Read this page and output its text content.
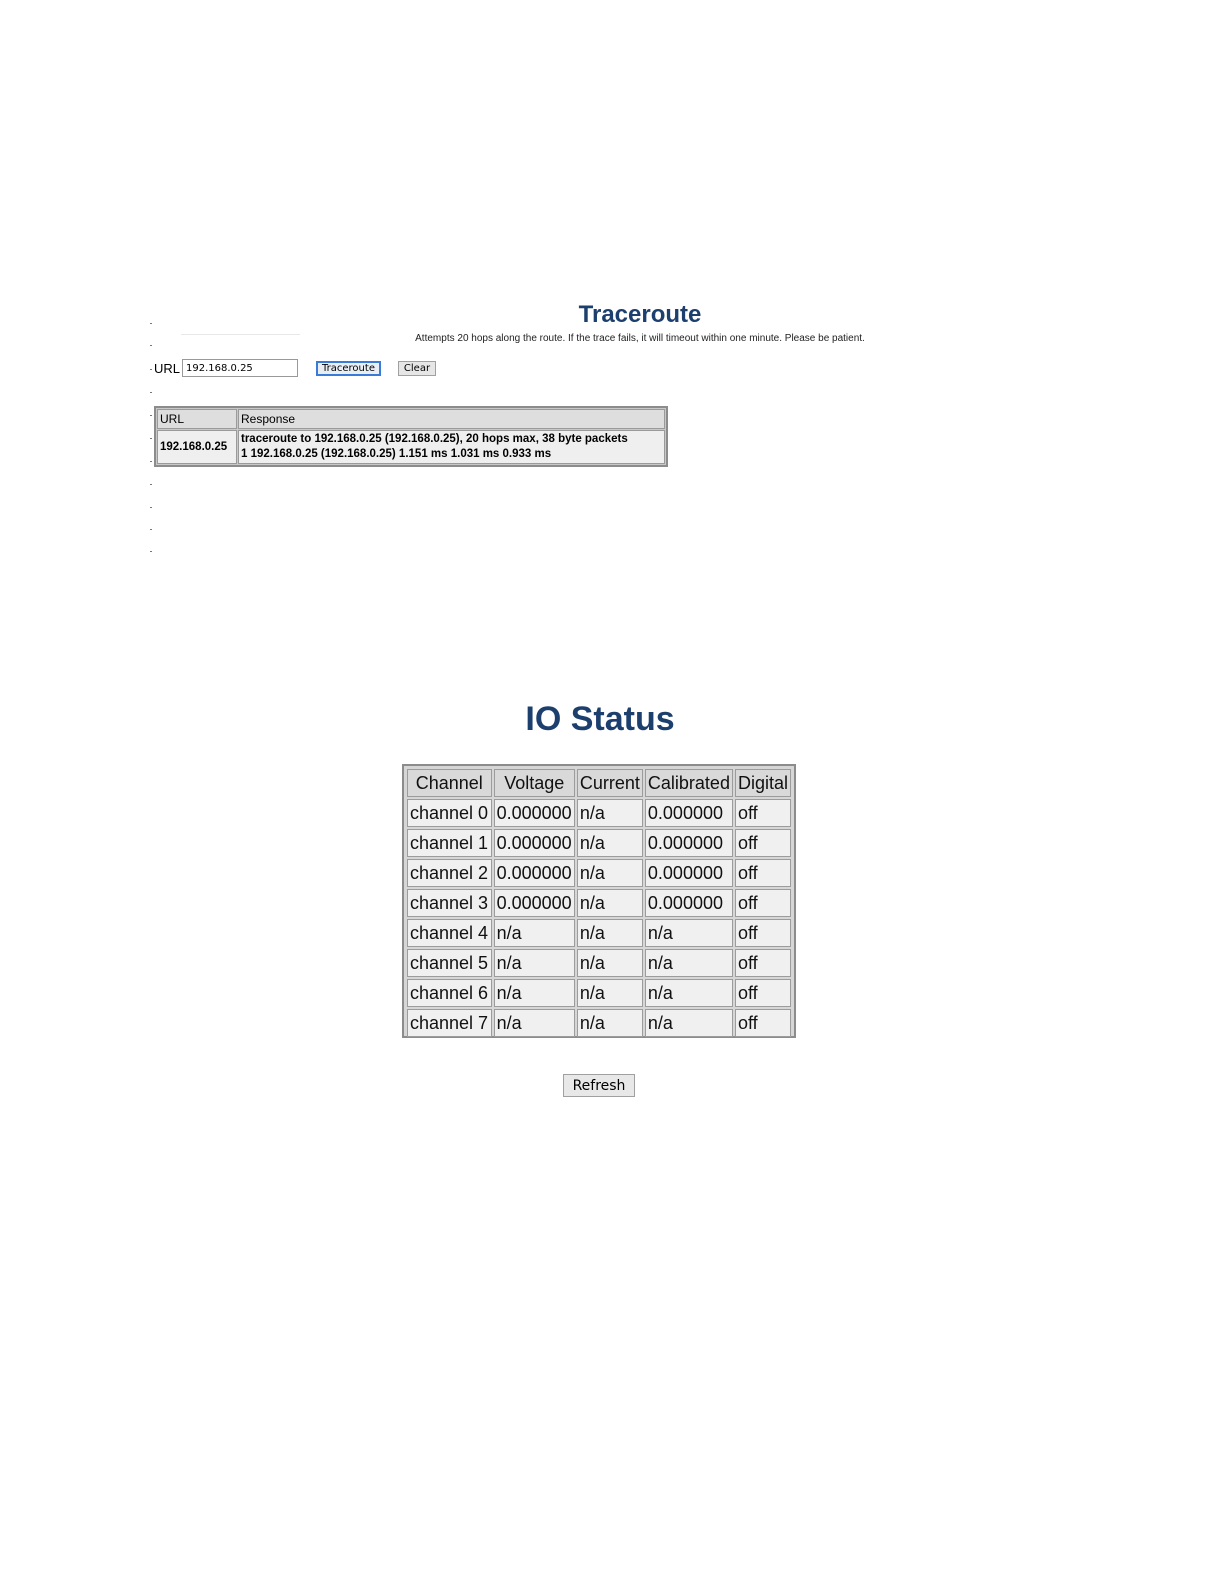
Traceroute
Attempts 20 hops along the route. If the trace fails, it will timeout within one minute. Please be patient.
URL
192.168.0.25	Traceroute	Clear
URL	Response
192.168.0.25	traceroute to 192.168.0.25 (192.168.0.25), 20 hops max, 38 byte packets
1 192.168.0.25 (192.168.0.25) 1.151 ms 1.031 ms 0.933 ms
IO Status
Channel	Voltage	Current	Calibrated	Digital
channel 0	0.000000	n/a	0.000000	off
channel 1	0.000000	n/a	0.000000	off
channel 2	0.000000	n/a	0.000000	off
channel 3	0.000000	n/a	0.000000	off
channel 4	n/a	n/a	n/a	off
channel 5	n/a	n/a	n/a	off
channel 6	n/a	n/a	n/a	off
channel 7	n/a	n/a	n/a	off
Refresh
